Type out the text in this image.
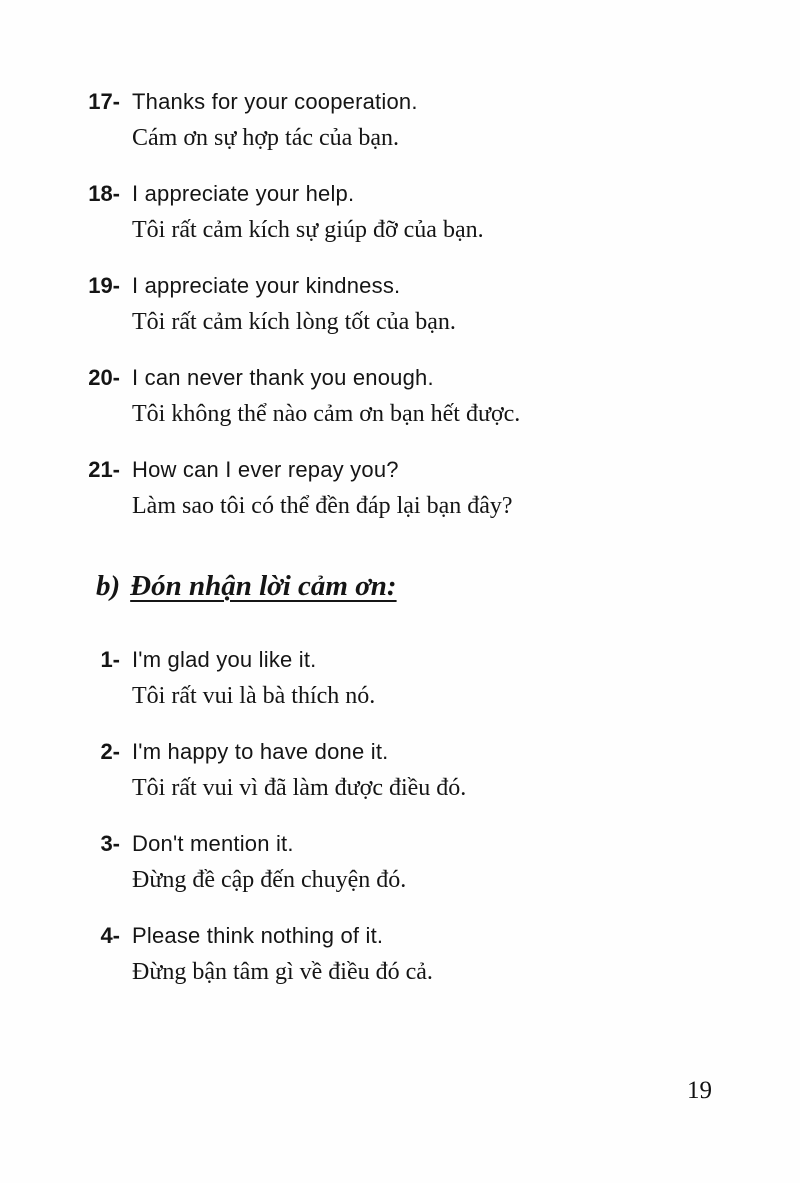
17- Thanks for your cooperation.
Cám ơn sự hợp tác của bạn.
18- I appreciate your help.
Tôi rất cảm kích sự giúp đỡ của bạn.
19- I appreciate your kindness.
Tôi rất cảm kích lòng tốt của bạn.
20- I can never thank you enough.
Tôi không thể nào cảm ơn bạn hết được.
21- How can I ever repay you?
Làm sao tôi có thể đền đáp lại bạn đây?
b) Đón nhận lời cảm ơn:
1- I'm glad you like it.
Tôi rất vui là bà thích nó.
2- I'm happy to have done it.
Tôi rất vui vì đã làm được điều đó.
3- Don't mention it.
Đừng đề cập đến chuyện đó.
4- Please think nothing of it.
Đừng bận tâm gì về điều đó cả.
19
